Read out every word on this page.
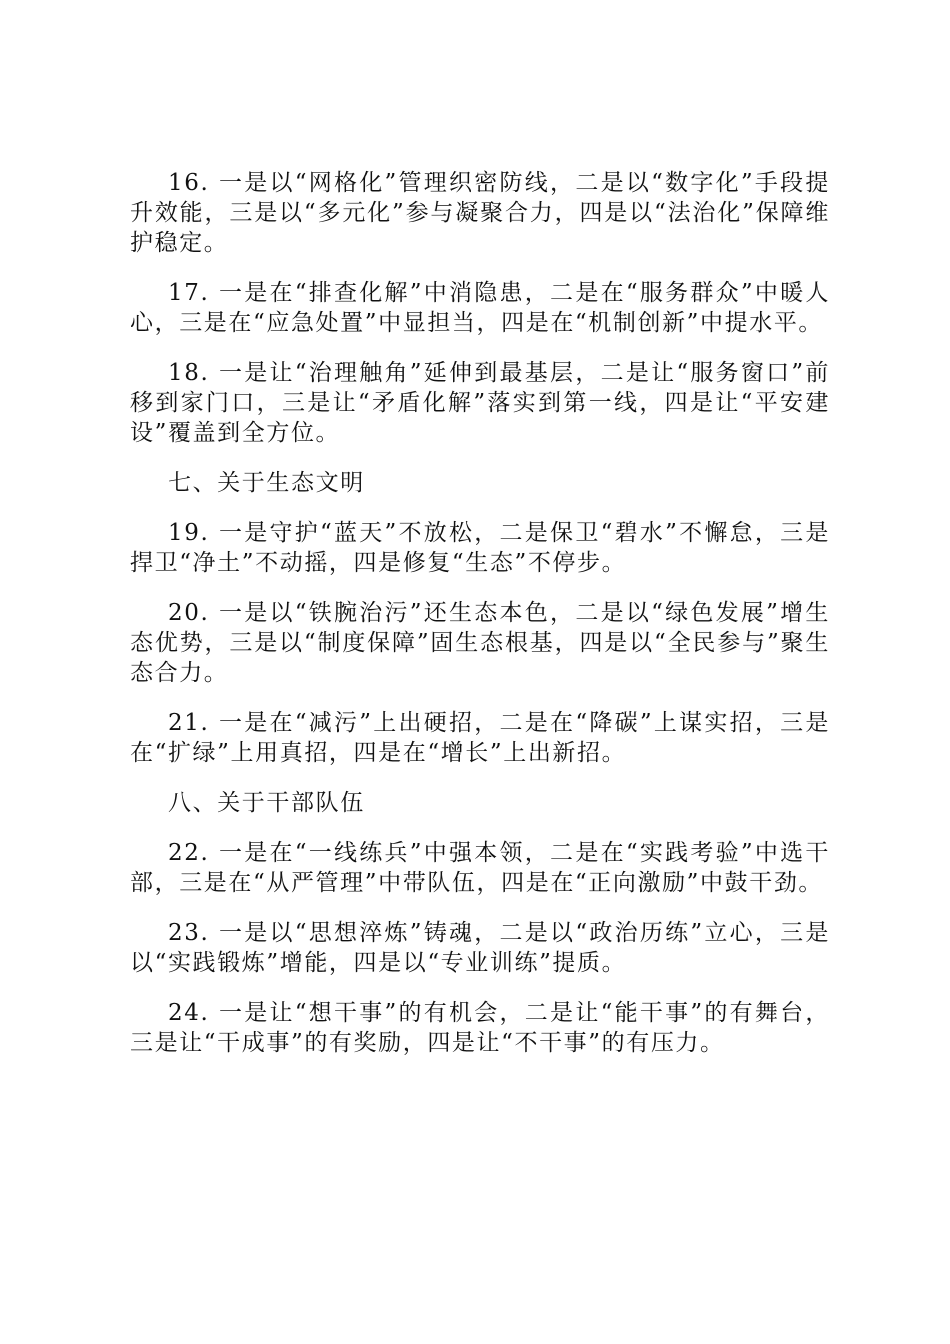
16. 一是以“网格化”管理织密防线，二是以“数字化”手段提升效能，三是以“多元化”参与凝聚合力，四是以“法治化”保障维护稳定。

17. 一是在“排查化解”中消隐患，二是在“服务群众”中暖人心，三是在“应急处置”中显担当，四是在“机制创新”中提水平。

18. 一是让“治理触角”延伸到最基层，二是让“服务窗口”前移到家门口，三是让“矛盾化解”落实到第一线，四是让“平安建设”覆盖到全方位。

七、关于生态文明

19. 一是守护“蓝天”不放松，二是保卫“碧水”不懈怠，三是捍卫“净土”不动摇，四是修复“生态”不停步。

20. 一是以“铁腕治污”还生态本色，二是以“绿色发展”增生态优势，三是以“制度保障”固生态根基，四是以“全民参与”聚生态合力。

21. 一是在“减污”上出硬招，二是在“降碳”上谋实招，三是在“扩绿”上用真招，四是在“增长”上出新招。

八、关于干部队伍

22. 一是在“一线练兵”中强本领，二是在“实践考验”中选干部，三是在“从严管理”中带队伍，四是在“正向激励”中鼓干劲。

23. 一是以“思想淬炼”铸魂，二是以“政治历练”立心，三是以“实践锻炼”增能，四是以“专业训练”提质。

24. 一是让“想干事”的有机会，二是让“能干事”的有舞台，三是让“干成事”的有奖励，四是让“不干事”的有压力。
